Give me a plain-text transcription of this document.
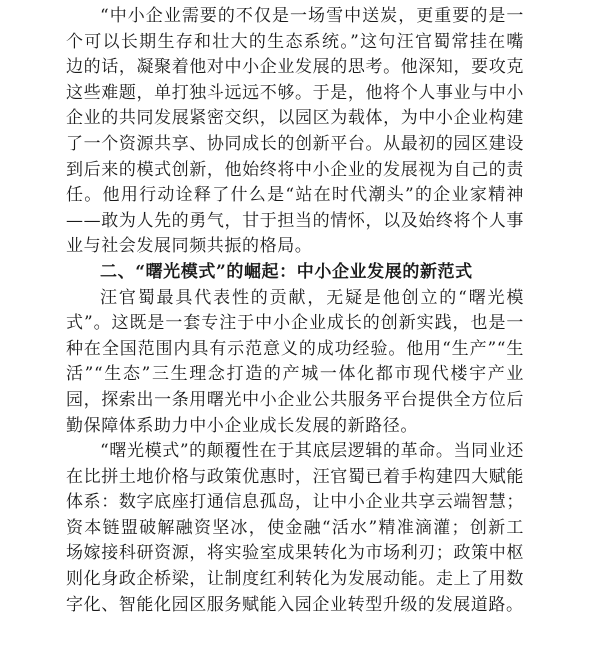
“中小企业需要的不仅是一场雪中送炭，更重要的是一个可以长期生存和壮大的生态系统。”这句汪官蜀常挂在嘴边的话，凝聚着他对中小企业发展的思考。他深知，要攻克这些难题，单打独斗远远不够。于是，他将个人事业与中小企业的共同发展紧密交织，以园区为载体，为中小企业构建了一个资源共享、协同成长的创新平台。从最初的园区建设到后来的模式创新，他始终将中小企业的发展视为自己的责任。他用行动诠释了什么是“站在时代潮头”的企业家精神——敢为人先的勇气，甘于担当的情怀，以及始终将个人事业与社会发展同频共振的格局。

二、“曙光模式”的崛起：中小企业发展的新范式

汪官蜀最具代表性的贡献，无疑是他创立的“曙光模式”。这既是一套专注于中小企业成长的创新实践，也是一种在全国范围内具有示范意义的成功经验。他用“生产”“生活”“生态”三生理念打造的产城一体化都市现代楼宇产业园，探索出一条用曙光中小企业公共服务平台提供全方位后勤保障体系助力中小企业成长发展的新路径。

“曙光模式”的颠覆性在于其底层逻辑的革命。当同业还在比拼土地价格与政策优惠时，汪官蜀已着手构建四大赋能体系：数字底座打通信息孤岛，让中小企业共享云端智慧；资本链盟破解融资坚冰，使金融“活水”精准滴灌；创新工场嫁接科研资源，将实验室成果转化为市场利刃；政策中枢则化身政企桥梁，让制度红利转化为发展动能。走上了用数字化、智能化园区服务赋能入园企业转型升级的发展道路。
